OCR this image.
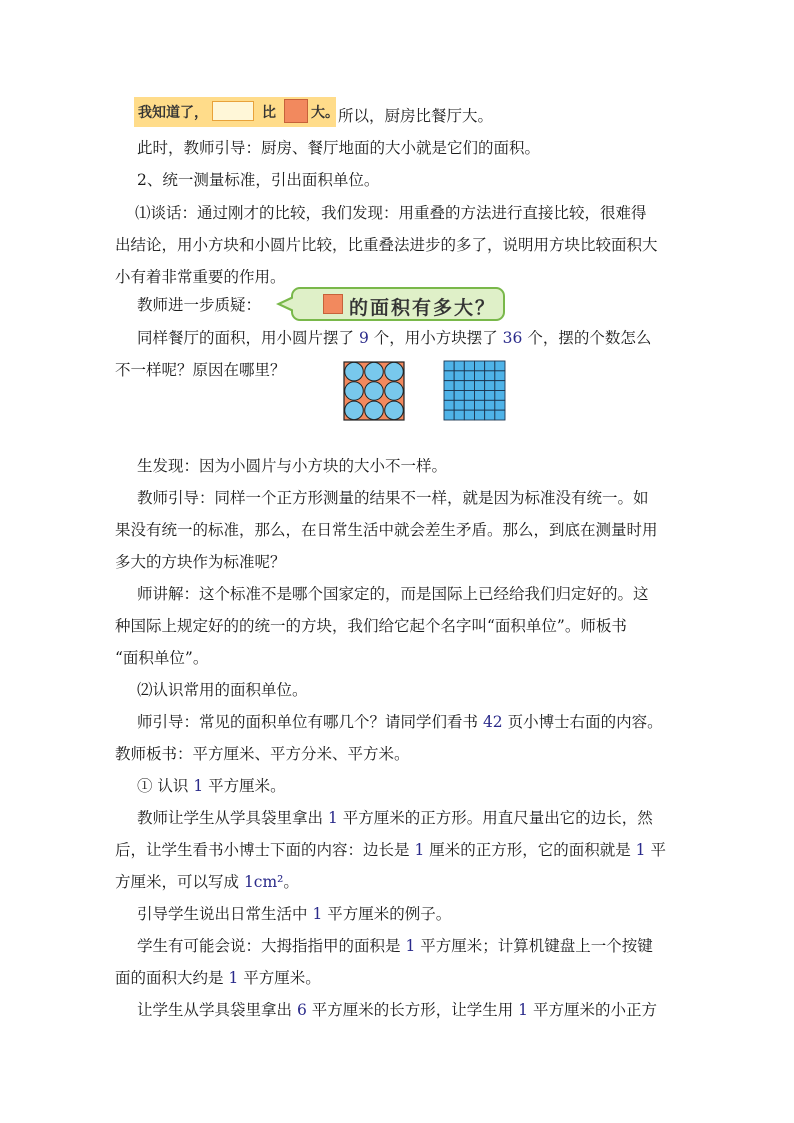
我知道了，	比	大。 所以，厨房比餐厅大。
此时，教师引导：厨房、餐厅地面的大小就是它们的面积。
2、统一测量标准，引出面积单位。
⑴谈话：通过刚才的比较，我们发现：用重叠的方法进行直接比较，很难得
出结论，用小方块和小圆片比较，比重叠法进步的多了，说明用方块比较面积大
小有着非常重要的作用。
教师进一步质疑：	的面积有多大？
同样餐厅的面积，用小圆片摆了 9 个，用小方块摆了 36 个，摆的个数怎么
不一样呢？原因在哪里？
生发现：因为小圆片与小方块的大小不一样。
教师引导：同样一个正方形测量的结果不一样，就是因为标准没有统一。如
果没有统一的标准，那么，在日常生活中就会差生矛盾。那么，到底在测量时用
多大的方块作为标准呢？
师讲解：这个标准不是哪个国家定的，而是国际上已经给我们归定好的。这
种国际上规定好的的统一的方块，我们给它起个名字叫“面积单位”。师板书
“面积单位”。
⑵认识常用的面积单位。
师引导：常见的面积单位有哪几个？请同学们看书 42 页小博士右面的内容。
教师板书：平方厘米、平方分米、平方米。
① 认识 1 平方厘米。
教师让学生从学具袋里拿出 1 平方厘米的正方形。用直尺量出它的边长，然
后，让学生看书小博士下面的内容：边长是 1 厘米的正方形，它的面积就是 1 平
方厘米，可以写成 1cm²。
引导学生说出日常生活中 1 平方厘米的例子。
学生有可能会说：大拇指指甲的面积是 1 平方厘米；计算机键盘上一个按键
面的面积大约是 1 平方厘米。
让学生从学具袋里拿出 6 平方厘米的长方形，让学生用 1 平方厘米的小正方
